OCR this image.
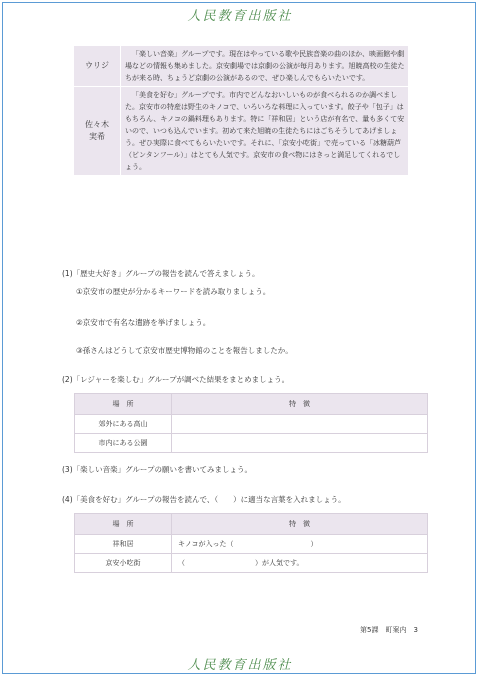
人民教育出版社
ウリジ	「楽しい音楽」グループです。現在はやっている歌や民族音楽の曲のほか、映画館や劇場などの情報も集めました。京安劇場では京劇の公演が毎月あります。旭暁高校の生徒たちが来る時、ちょうど京劇の公演があるので、ぜひ楽しんでもらいたいです。

佐々木
実希	「美食を好む」グループです。市内でどんなおいしいものが食べられるのか調べました。京安市の特産は野生のキノコで、いろいろな料理に入っています。餃子や「包子」はもちろん、キノコの鍋料理もあります。特に「祥和居」という店が有名で、量も多くて安いので、いつも込んでいます。初めて来た旭暁の生徒たちにはごちそうしてあげましょう。ぜひ実際に食べてもらいたいです。それに、「京安小吃街」で売っている「冰糖葫芦（ビンタンフール）」はとても人気です。京安市の食べ物にはきっと満足してくれるでしょう。
(1)「歴史大好き」グループの報告を読んで答えましょう。
①京安市の歴史が分かるキーワードを読み取りましょう。
②京安市で有名な遺跡を挙げましょう。
③孫さんはどうして京安市歴史博物館のことを報告しましたか。
(2)「レジャーを楽しむ」グループが調べた結果をまとめましょう。
場　所	特　徴
郊外にある高山	
市内にある公園	
(3)「楽しい音楽」グループの願いを書いてみましょう。
(4)「美食を好む」グループの報告を読んで、（　　）に適当な言葉を入れましょう。
場　所	特　徴
祥和居	キノコが入った（　　　　　　　　　　　）
京安小吃街	（　　　　　　　　　　）が人気です。
第5課　町案内　3
人民教育出版社
